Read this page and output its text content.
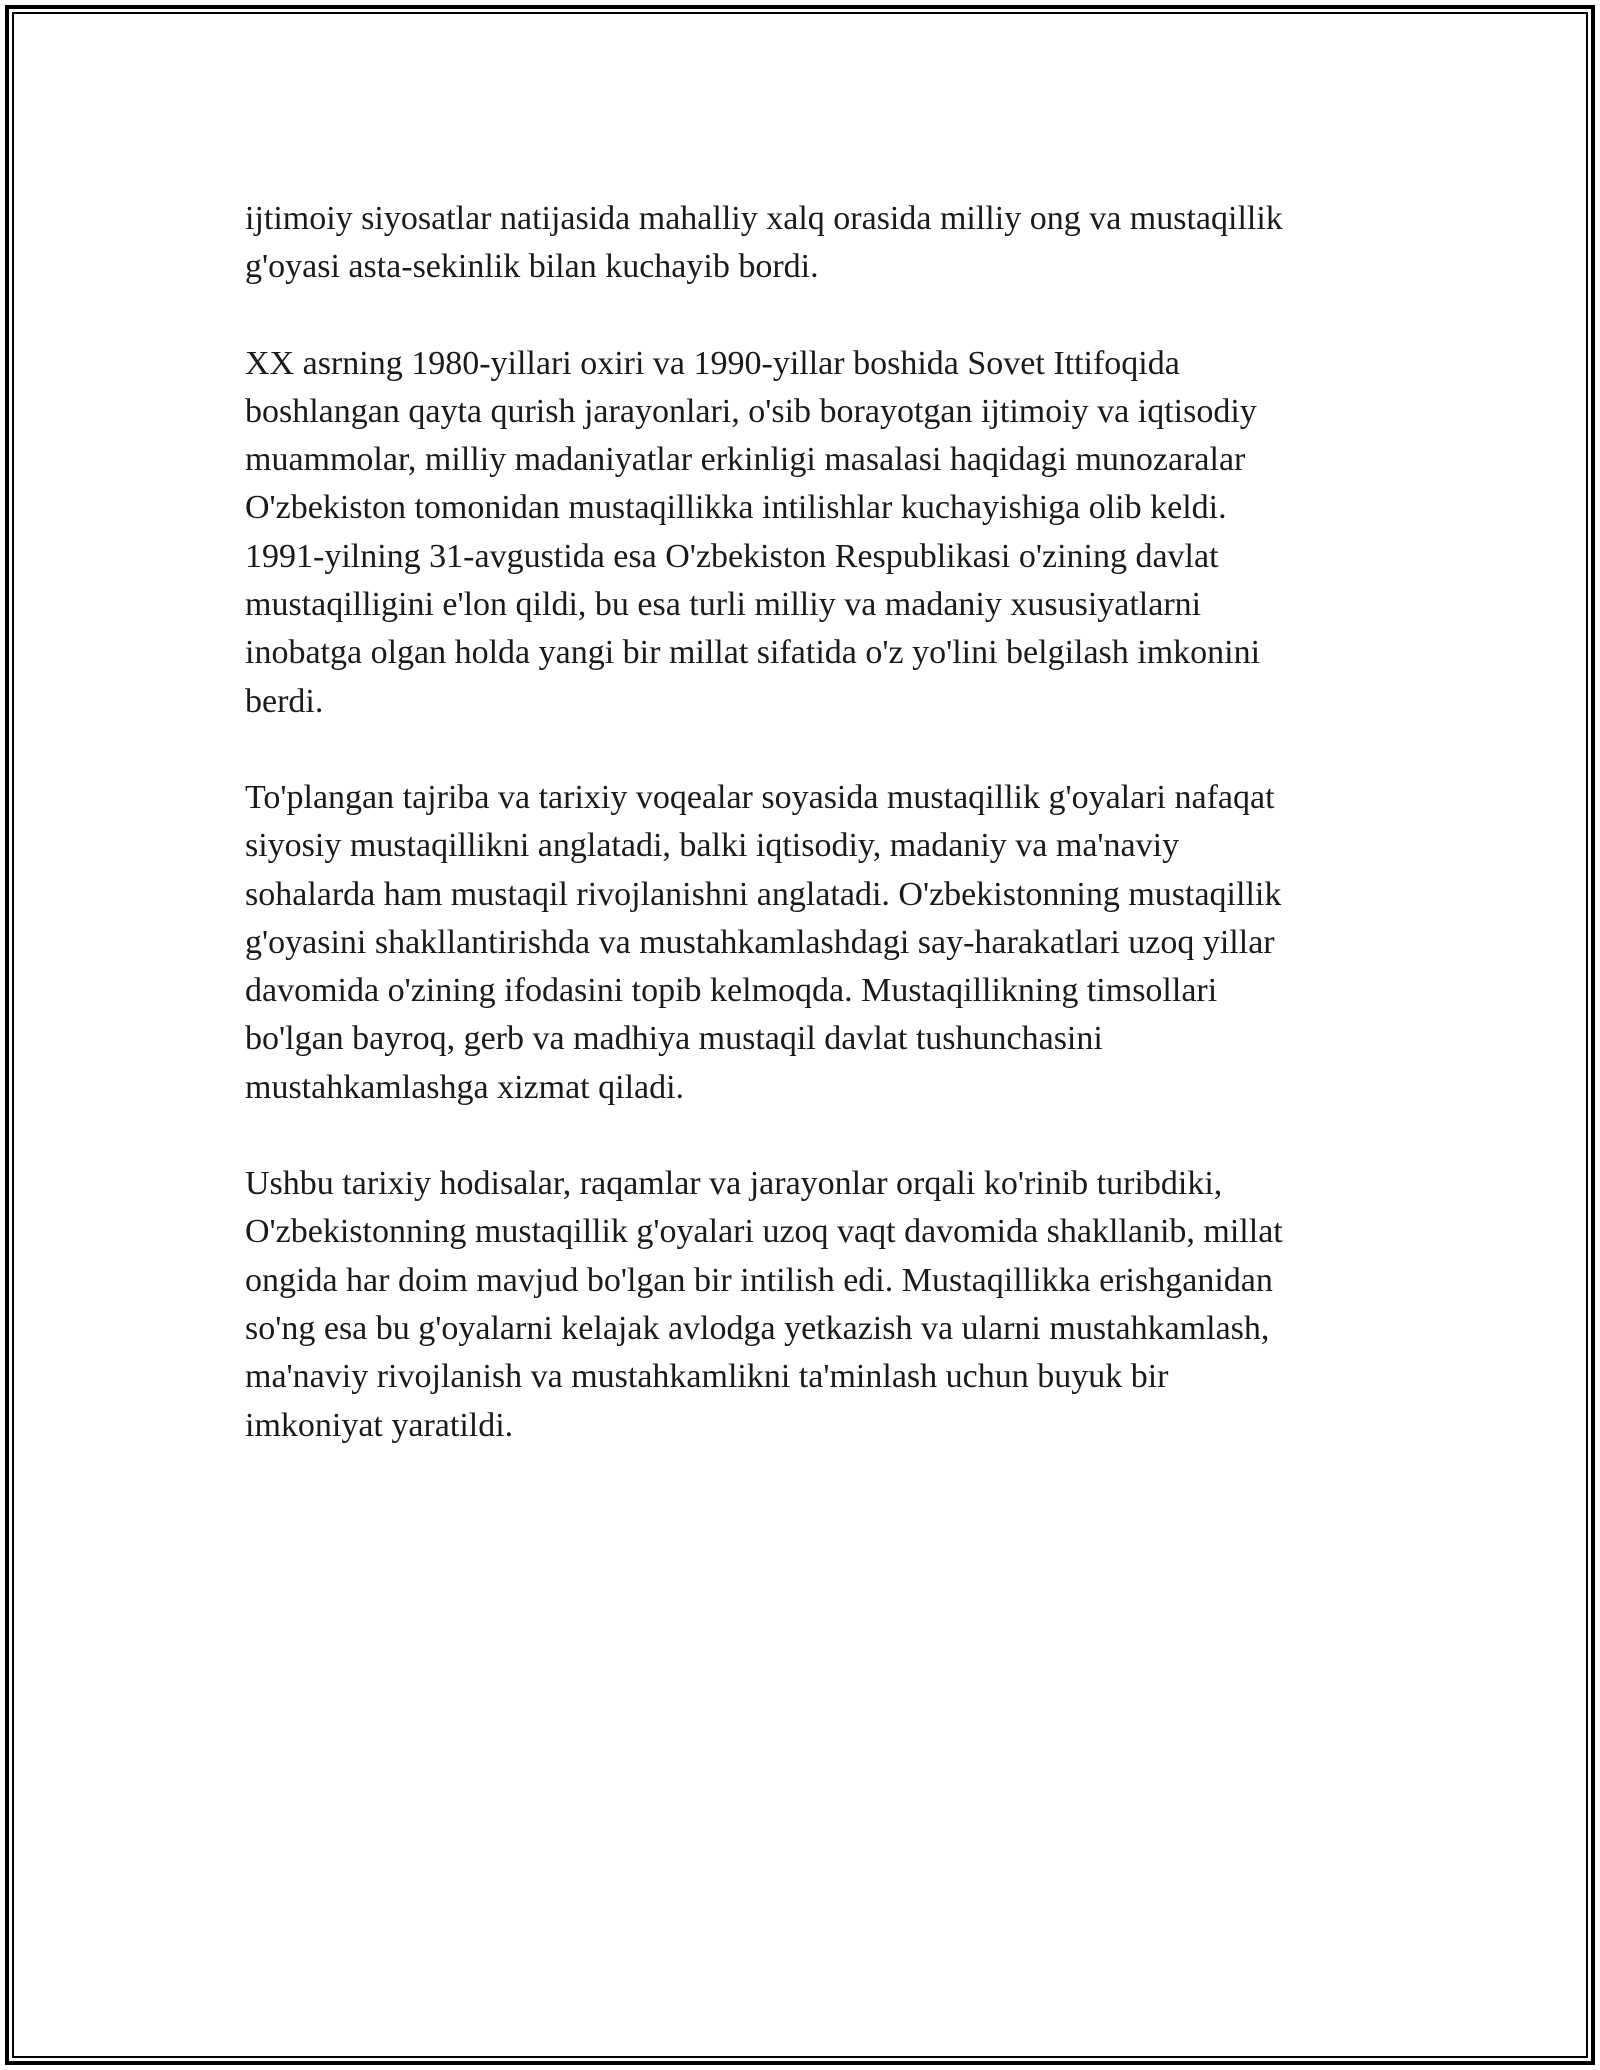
ijtimoiy siyosatlar natijasida mahalliy xalq orasida milliy ong va mustaqillik
g'oyasi asta-sekinlik bilan kuchayib bordi.

XX asrning 1980-yillari oxiri va 1990-yillar boshida Sovet Ittifoqida
boshlangan qayta qurish jarayonlari, o'sib borayotgan ijtimoiy va iqtisodiy
muammolar, milliy madaniyatlar erkinligi masalasi haqidagi munozaralar
O'zbekiston tomonidan mustaqillikka intilishlar kuchayishiga olib keldi.
1991-yilning 31-avgustida esa O'zbekiston Respublikasi o'zining davlat
mustaqilligini e'lon qildi, bu esa turli milliy va madaniy xususiyatlarni
inobatga olgan holda yangi bir millat sifatida o'z yo'lini belgilash imkonini
berdi.

To'plangan tajriba va tarixiy voqealar soyasida mustaqillik g'oyalari nafaqat
siyosiy mustaqillikni anglatadi, balki iqtisodiy, madaniy va ma'naviy
sohalarda ham mustaqil rivojlanishni anglatadi. O'zbekistonning mustaqillik
g'oyasini shakllantirishda va mustahkamlashdagi say-harakatlari uzoq yillar
davomida o'zining ifodasini topib kelmoqda. Mustaqillikning timsollari
bo'lgan bayroq, gerb va madhiya mustaqil davlat tushunchasini
mustahkamlashga xizmat qiladi.

Ushbu tarixiy hodisalar, raqamlar va jarayonlar orqali ko'rinib turibdiki,
O'zbekistonning mustaqillik g'oyalari uzoq vaqt davomida shakllanib, millat
ongida har doim mavjud bo'lgan bir intilish edi. Mustaqillikka erishganidan
so'ng esa bu g'oyalarni kelajak avlodga yetkazish va ularni mustahkamlash,
ma'naviy rivojlanish va mustahkamlikni ta'minlash uchun buyuk bir
imkoniyat yaratildi.
